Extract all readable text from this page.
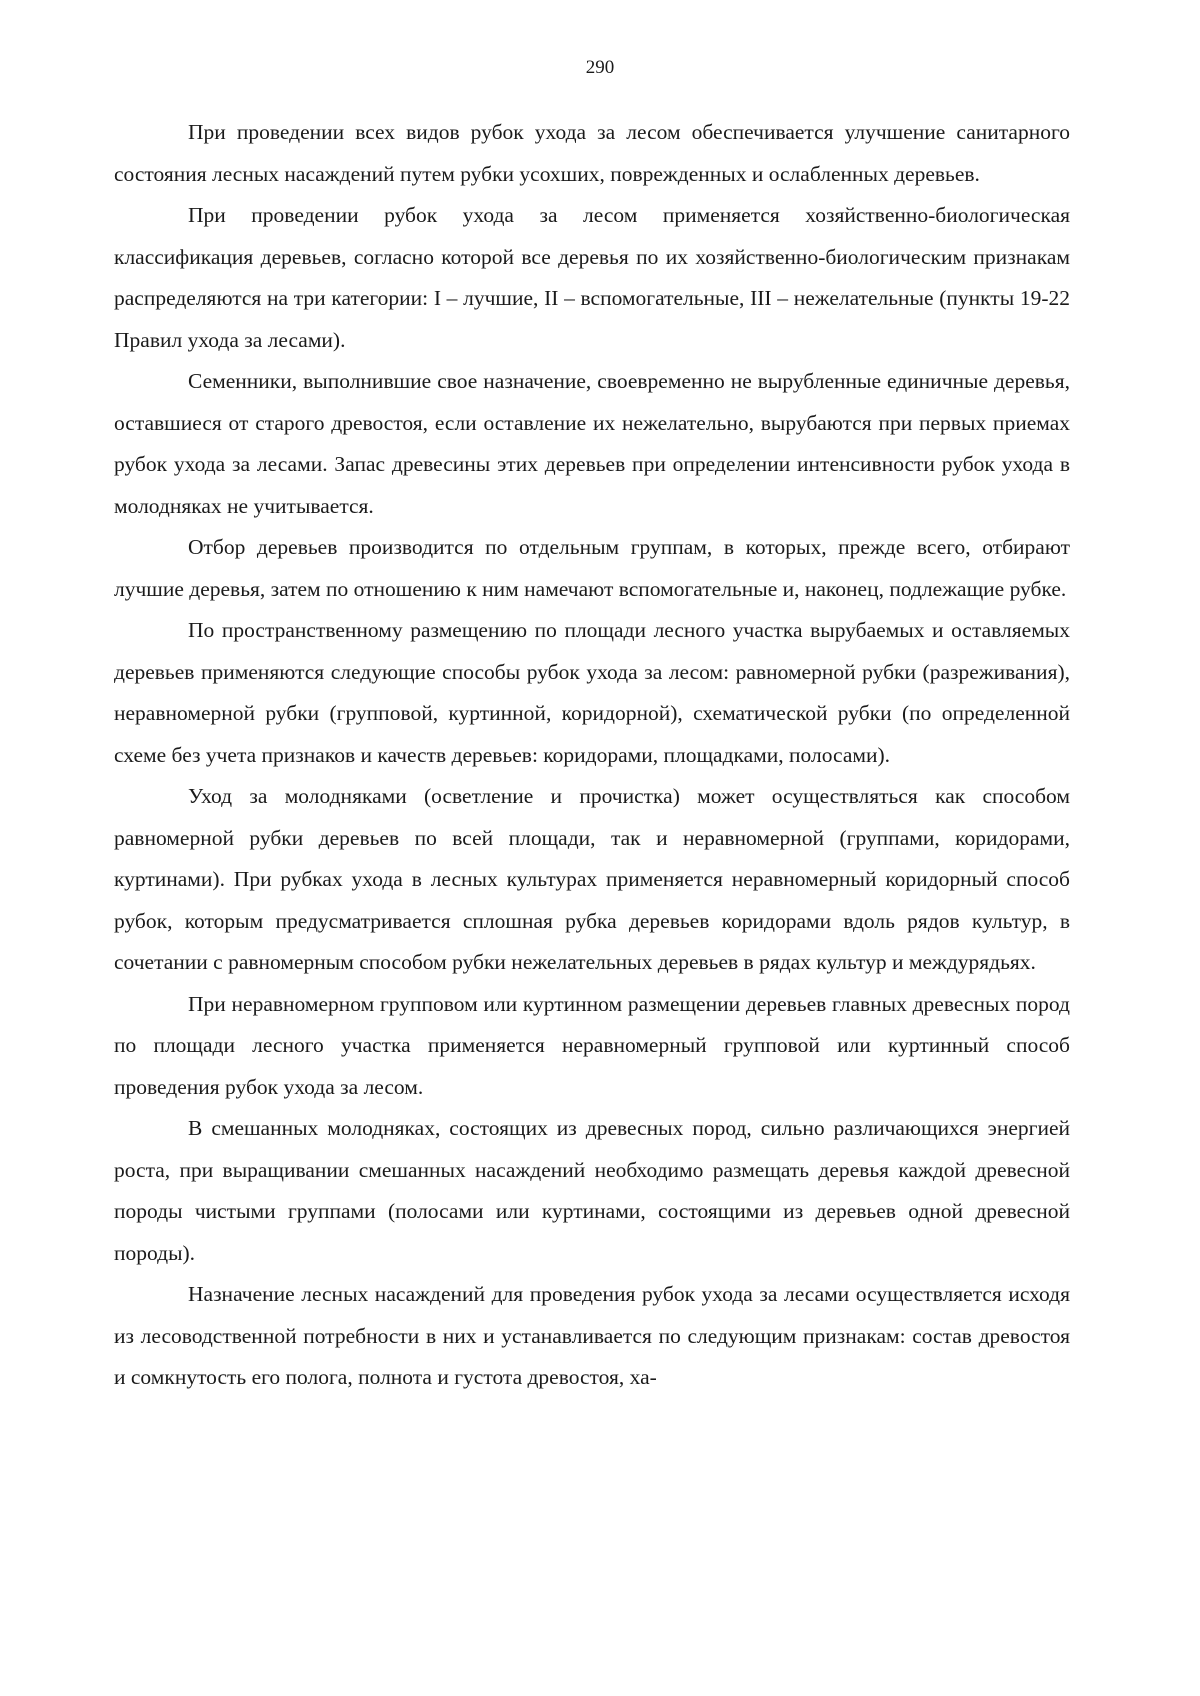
290

При проведении всех видов рубок ухода за лесом обеспечивается улучшение санитарного состояния лесных насаждений путем рубки усохших, поврежденных и ослабленных деревьев.

При проведении рубок ухода за лесом применяется хозяйственно-биологическая классификация деревьев, согласно которой все деревья по их хозяйственно-биологическим признакам распределяются на три категории: I – лучшие, II – вспомогательные, III – нежелательные (пункты 19-22 Правил ухода за лесами).

Семенники, выполнившие свое назначение, своевременно не вырубленные единичные деревья, оставшиеся от старого древостоя, если оставление их нежелательно, вырубаются при первых приемах рубок ухода за лесами. Запас древесины этих деревьев при определении интенсивности рубок ухода в молодняках не учитывается.

Отбор деревьев производится по отдельным группам, в которых, прежде всего, отбирают лучшие деревья, затем по отношению к ним намечают вспомогательные и, наконец, подлежащие рубке.

По пространственному размещению по площади лесного участка вырубаемых и оставляемых деревьев применяются следующие способы рубок ухода за лесом: равномерной рубки (разреживания), неравномерной рубки (групповой, куртинной, коридорной), схематической рубки (по определенной схеме без учета признаков и качеств деревьев: коридорами, площадками, полосами).

Уход за молодняками (осветление и прочистка) может осуществляться как способом равномерной рубки деревьев по всей площади, так и неравномерной (группами, коридорами, куртинами). При рубках ухода в лесных культурах применяется неравномерный коридорный способ рубок, которым предусматривается сплошная рубка деревьев коридорами вдоль рядов культур, в сочетании с равномерным способом рубки нежелательных деревьев в рядах культур и междурядьях.

При неравномерном групповом или куртинном размещении деревьев главных древесных пород по площади лесного участка применяется неравномерный групповой или куртинный способ проведения рубок ухода за лесом.

В смешанных молодняках, состоящих из древесных пород, сильно различающихся энергией роста, при выращивании смешанных насаждений необходимо размещать деревья каждой древесной породы чистыми группами (полосами или куртинами, состоящими из деревьев одной древесной породы).

Назначение лесных насаждений для проведения рубок ухода за лесами осуществляется исходя из лесоводственной потребности в них и устанавливается по следующим признакам: состав древостоя и сомкнутость его полога, полнота и густота древостоя, ха-
